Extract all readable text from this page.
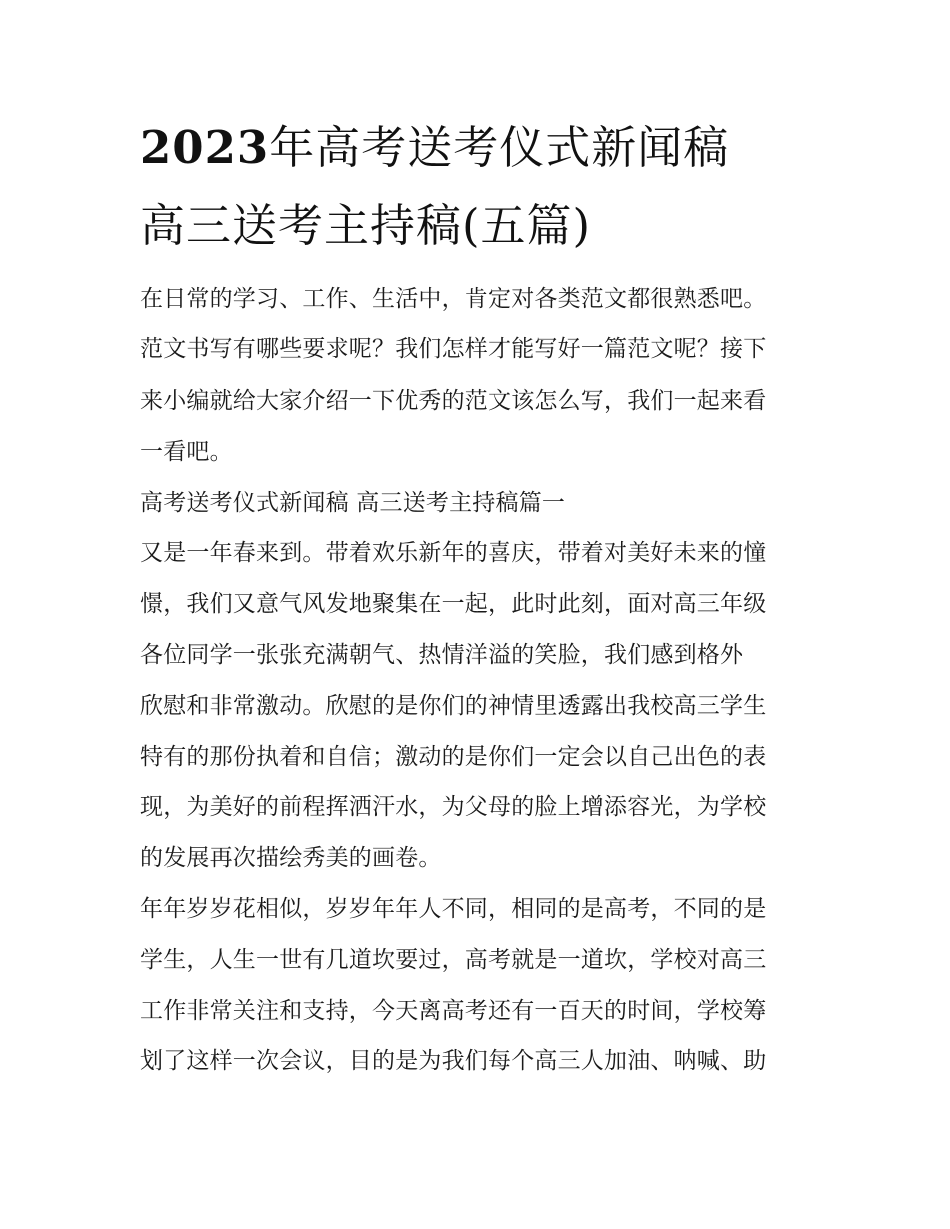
2023年高考送考仪式新闻稿
高三送考主持稿(五篇)
在日常的学习、工作、生活中，肯定对各类范文都很熟悉吧。
范文书写有哪些要求呢？我们怎样才能写好一篇范文呢？接下
来小编就给大家介绍一下优秀的范文该怎么写，我们一起来看
一看吧。
高考送考仪式新闻稿 高三送考主持稿篇一
又是一年春来到。带着欢乐新年的喜庆，带着对美好未来的憧
憬，我们又意气风发地聚集在一起，此时此刻，面对高三年级
各位同学一张张充满朝气、热情洋溢的笑脸，我们感到格外
欣慰和非常激动。欣慰的是你们的神情里透露出我校高三学生
特有的那份执着和自信；激动的是你们一定会以自己出色的表
现，为美好的前程挥洒汗水，为父母的脸上增添容光，为学校
的发展再次描绘秀美的画卷。
年年岁岁花相似，岁岁年年人不同，相同的是高考，不同的是
学生，人生一世有几道坎要过，高考就是一道坎，学校对高三
工作非常关注和支持，今天离高考还有一百天的时间，学校筹
划了这样一次会议，目的是为我们每个高三人加油、呐喊、助
